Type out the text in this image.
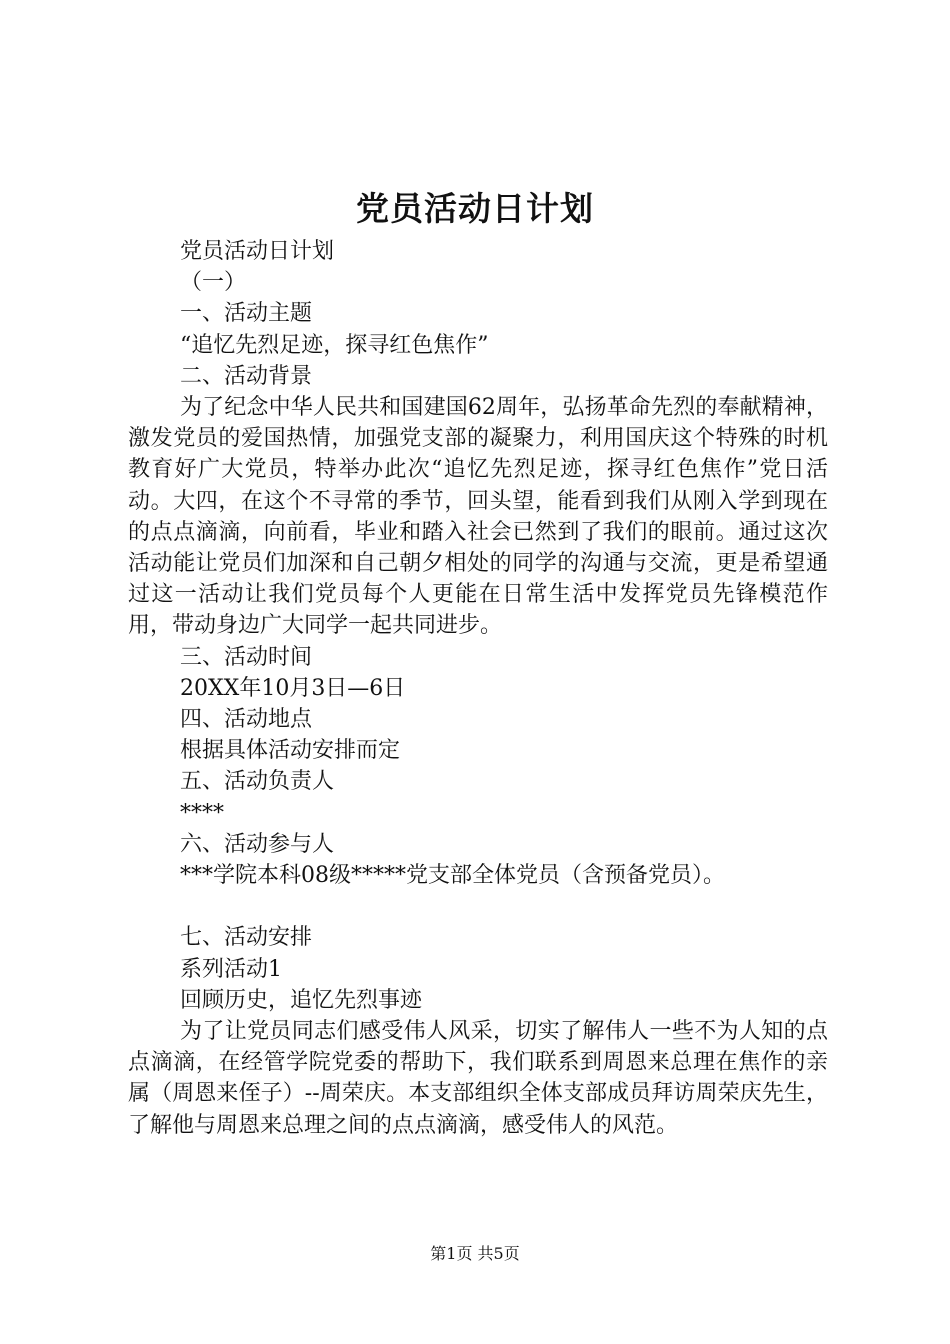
党员活动日计划

党员活动日计划

（一）

一、活动主题

“追忆先烈足迹，探寻红色焦作”

二、活动背景

为了纪念中华人民共和国建国62周年，弘扬革命先烈的奉献精神，激发党员的爱国热情，加强党支部的凝聚力，利用国庆这个特殊的时机教育好广大党员，特举办此次“追忆先烈足迹，探寻红色焦作”党日活动。大四，在这个不寻常的季节，回头望，能看到我们从刚入学到现在的点点滴滴，向前看，毕业和踏入社会已然到了我们的眼前。通过这次活动能让党员们加深和自己朝夕相处的同学的沟通与交流，更是希望通过这一活动让我们党员每个人更能在日常生活中发挥党员先锋模范作用，带动身边广大同学一起共同进步。

三、活动时间

20XX年10月3日—6日

四、活动地点

根据具体活动安排而定

五、活动负责人

****

六、活动参与人

***学院本科08级*****党支部全体党员（含预备党员）。

七、活动安排

系列活动1

回顾历史，追忆先烈事迹

为了让党员同志们感受伟人风采，切实了解伟人一些不为人知的点点滴滴，在经管学院党委的帮助下，我们联系到周恩来总理在焦作的亲属（周恩来侄子）--周荣庆。本支部组织全体支部成员拜访周荣庆先生，了解他与周恩来总理之间的点点滴滴，感受伟人的风范。

第1页 共5页
